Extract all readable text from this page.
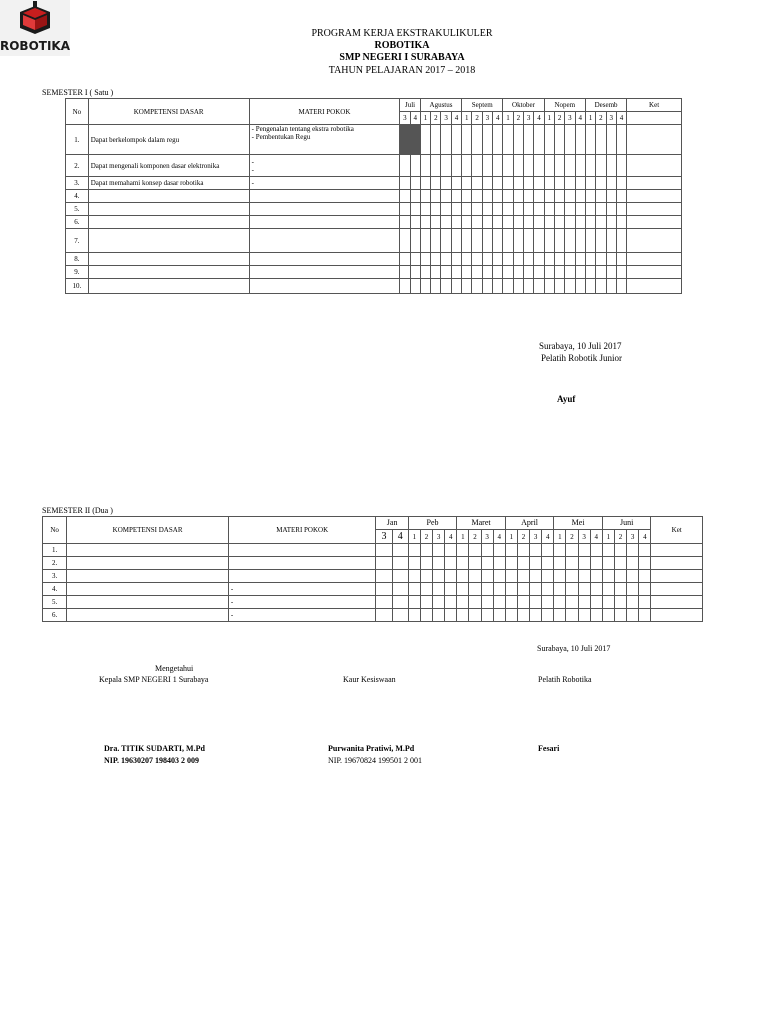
ROBOTIKA
PROGRAM KERJA EKSTRAKULIKULER
ROBOTIKA
SMP NEGERI I SURABAYA
TAHUN PELAJARAN 2017 – 2018
SEMESTER I ( Satu )
No	KOMPETENSI DASAR	MATERI POKOK	Juli		Agustus				Septem				Oktober				Nopem				Desemb				Ket
			3	4	1	2	3	4	1	2	3	4	1	2	3	4	1	2	3	4	1	2	3	4	
1.	Dapat berkelompok dalam regu	- Pengenalan tentang ekstra robotika
- Pembentukan Regu																							

2.	Dapat mengenali komponen dasar elektronika	-
-																							

3.	Dapat memahami konsep dasar robotika	-																							

4.																									
5.																									
6.																									
7.																									
8.																									
9.																									
10.																									
Surabaya, 10 Juli 2017
Pelatih Robotik Junior
Ayuf
SEMESTER II (Dua )
No	KOMPETENSI DASAR	MATERI POKOK	Jan		Peb				Maret				April				Mei				Juni				Ket
			3	4	1	2	3	4	1	2	3	4	1	2	3	4	1	2	3	4	1	2	3	4	
1.																									
2.																									
3.																									
4.		-																							
5.		-																							
6.		-																							
Surabaya, 10 Juli 2017
Mengetahui
Kepala SMP NEGERI 1 Surabaya	Kaur Kesiswaan	Pelatih Robotika
Dra. TITIK SUDARTI, M.Pd
NIP. 19630207 198403 2 009
Purwanita Pratiwi, M.Pd
NIP. 19670824 199501 2 001
Fesari
